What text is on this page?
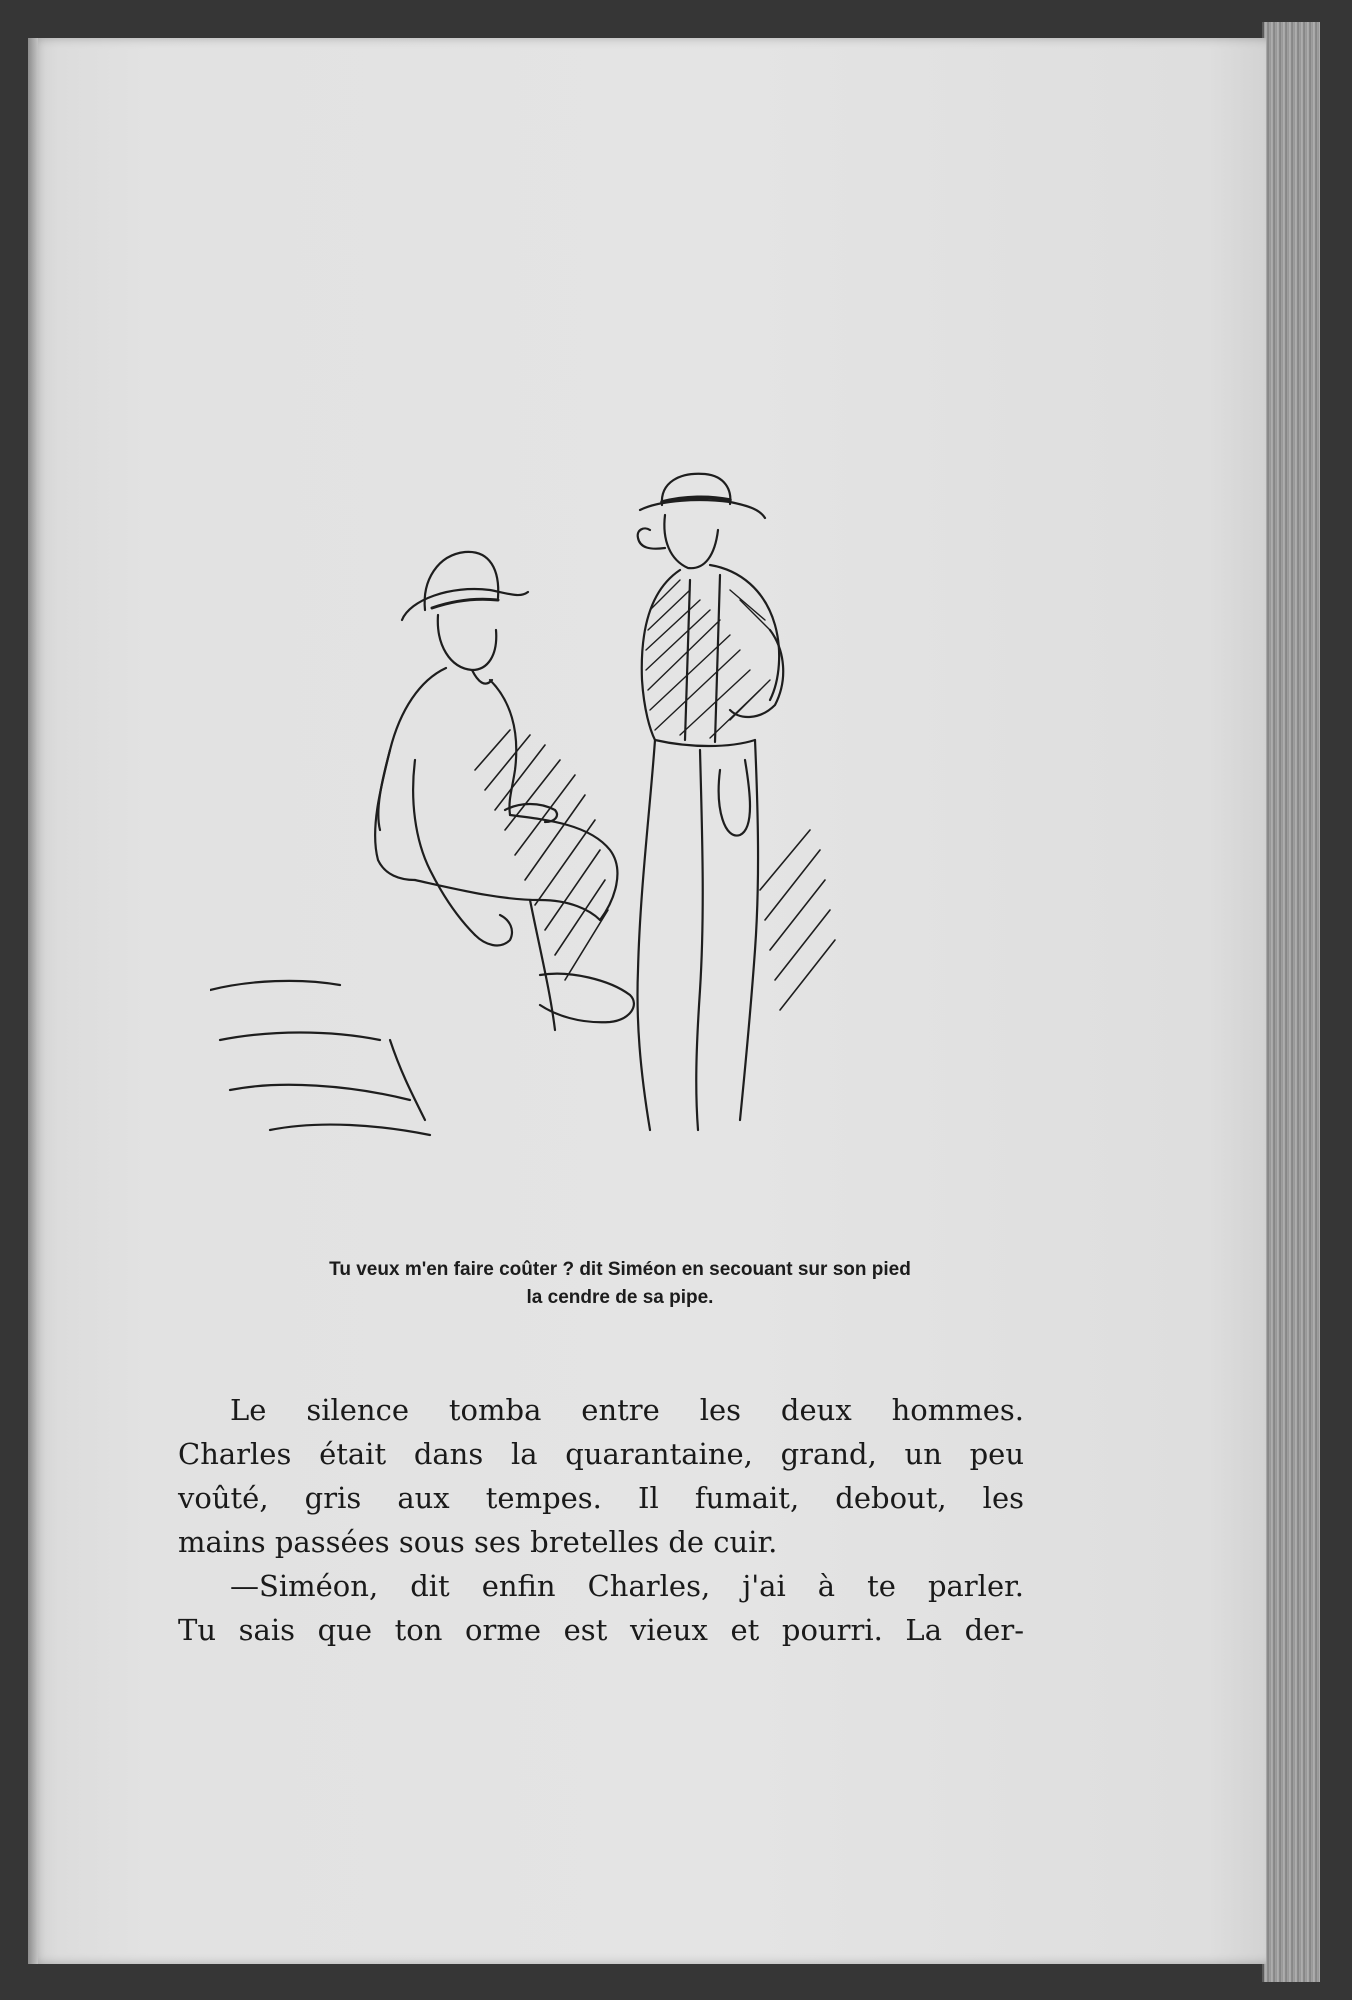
Tu veux m'en faire coûter ? dit Siméon en secouant sur son pied
la cendre de sa pipe.
Le silence tomba entre les deux hommes.
Charles était dans la quarantaine, grand, un peu
voûté, gris aux tempes. Il fumait, debout, les
mains passées sous ses bretelles de cuir.
—Siméon, dit enfin Charles, j'ai à te parler.
Tu sais que ton orme est vieux et pourri. La der-
